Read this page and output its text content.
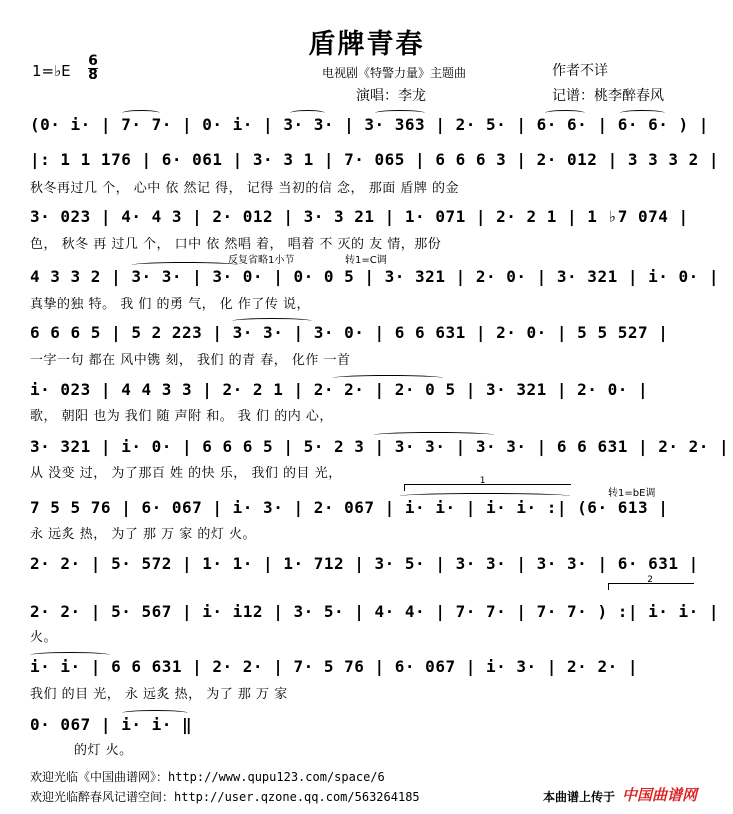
盾牌青春
电视剧《特警力量》主题曲	作者不详
演唱：李龙	记谱：桃李醉春风
1=♭E
6
8
(0· i· | 7· 7· | 0· i· | 3· 3· | 3· 363 | 2· 5· | 6· 6· | 6· 6· ) |
|: 1 1 176 | 6· 061 | 3· 3 1 | 7· 065 | 6 6 6 3 | 2· 012 | 3 3 3 2 |
秋冬再过几 个， 心中 依 然记 得， 记得 当初的信 念， 那面 盾牌 的金
3· 023 | 4· 4 3 | 2· 012 | 3· 3 21 | 1· 071 | 2· 2 1 | 1 ♭7 074 |
色， 秋冬 再 过几 个， 口中 依 然唱 着， 唱着 不 灭的 友 情，那份
反复省略1小节	转1=C调
4 3 3 2 | 3· 3· | 3· 0· | 0· 0 5 | 3· 321 | 2· 0· | 3· 321 | i· 0· |
真挚的独 特。 我 们 的勇 气， 化 作了传 说，
6 6 6 5 | 5 2 223 | 3· 3· | 3· 0· | 6 6 631 | 2· 0· | 5 5 527 |
一字一句 都在 风中镌 刻， 我们 的青 春， 化作 一首
i· 023 | 4 4 3 3 | 2· 2 1 | 2· 2· | 2· 0 5 | 3· 321 | 2· 0· |
歌， 朝阳 也为 我们 随 声附 和。 我 们 的内 心，
3· 321 | i· 0· | 6 6 6 5 | 5· 2 3 | 3· 3· | 3· 3· | 6 6 631 | 2· 2· |
从 没变 过， 为了那百 姓 的快 乐， 我们 的目 光，	1
转1=bE调
7 5 5 76 | 6· 067 | i· 3· | 2· 067 | i· i· | i· i· :| (6· 613 |
永 远炙 热， 为了 那 万 家 的灯 火。
2· 2· | 5· 572 | 1· 1· | 1· 712 | 3· 5· | 3· 3· | 3· 3· | 6· 631 |
2
2· 2· | 5· 567 | i· i12 | 3· 5· | 4· 4· | 7· 7· | 7· 7· ) :| i· i· |
火。
i· i· | 6 6 631 | 2· 2· | 7· 5 76 | 6· 067 | i· 3· | 2· 2· |
我们 的目 光， 永 远炙 热， 为了 那 万 家
0· 067 | i· i· ‖
的灯 火。
欢迎光临《中国曲谱网》：http://www.qupu123.com/space/6
欢迎光临醉春风记谱空间：http://user.qzone.qq.com/563264185	本曲谱上传于 中国曲谱网
